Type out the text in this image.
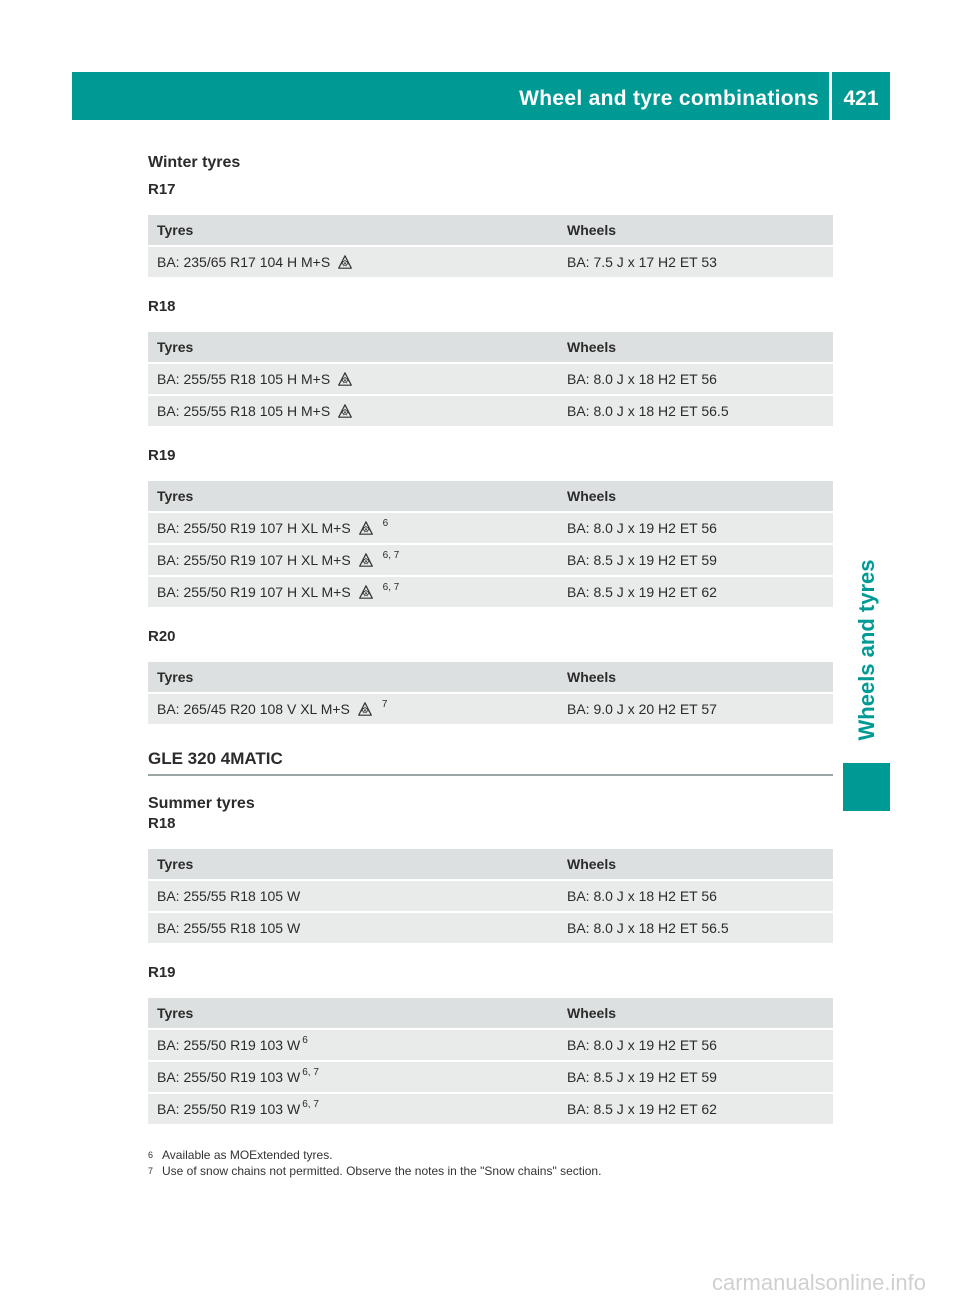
Wheel and tyre combinations	421
Wheels and tyres

Winter tyres

R17

Tyres	Wheels
BA: 235/65 R17 104 H M+S	BA: 7.5 J x 17 H2 ET 53

R18

Tyres	Wheels
BA: 255/55 R18 105 H M+S	BA: 8.0 J x 18 H2 ET 56
BA: 255/55 R18 105 H M+S	BA: 8.0 J x 18 H2 ET 56.5

R19

Tyres	Wheels
BA: 255/50 R19 107 H XL M+S $^6$	BA: 8.0 J x 19 H2 ET 56
BA: 255/50 R19 107 H XL M+S $^{6, 7}$	BA: 8.5 J x 19 H2 ET 59
BA: 255/50 R19 107 H XL M+S $^{6, 7}$	BA: 8.5 J x 19 H2 ET 62

R20

Tyres	Wheels
BA: 265/45 R20 108 V XL M+S $^7$	BA: 9.0 J x 20 H2 ET 57
GLE 320 4MATIC

Summer tyres

R18

Tyres	Wheels
BA: 255/55 R18 105 W	BA: 8.0 J x 18 H2 ET 56
BA: 255/55 R18 105 W	BA: 8.0 J x 18 H2 ET 56.5

R19

Tyres	Wheels
BA: 255/50 R19 103 W $^6$	BA: 8.0 J x 19 H2 ET 56
BA: 255/50 R19 103 W $^{6, 7}$	BA: 8.5 J x 19 H2 ET 59
BA: 255/50 R19 103 W $^{6, 7}$	BA: 8.5 J x 19 H2 ET 62
6 Available as MOExtended tyres.
7 Use of snow chains not permitted. Observe the notes in the "Snow chains" section.
carmanualsonline.info
